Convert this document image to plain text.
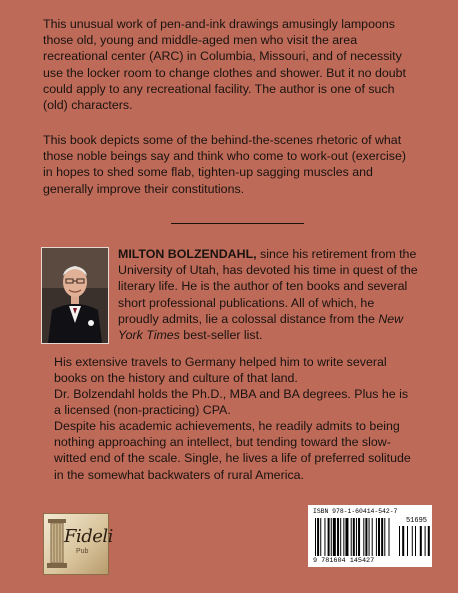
This unusual work of pen-and-ink drawings amusingly lampoons those old, young and middle-aged men who visit the area recreational center (ARC) in Columbia, Missouri, and of necessity use the locker room to change clothes and shower. But it no doubt could apply to any recreational facility. The author is one of such (old) characters.

This book depicts some of the behind-the-scenes rhetoric of what those noble beings say and think who come to work-out (exercise) in hopes to shed some flab, tighten-up sagging muscles and generally improve their constitutions.

MILTON BOLZENDAHL, since his retirement from the University of Utah, has devoted his time in quest of the literary life. He is the author of ten books and several short professional publications. All of which, he proudly admits, lie a colossal distance from the New York Times best-seller list.

His extensive travels to Germany helped him to write several books on the history and culture of that land.

Dr. Bolzendahl holds the Ph.D., MBA and BA degrees. Plus he is a licensed (non-practicing) CPA.

Despite his academic achievements, he readily admits to being nothing approaching an intellect, but tending toward the slow-witted end of the scale. Single, he lives a life of preferred solitude in the somewhat backwaters of rural America.

Fideli

Pub

ISBN 978-1-60414-542-7

51695

9 781604 145427
